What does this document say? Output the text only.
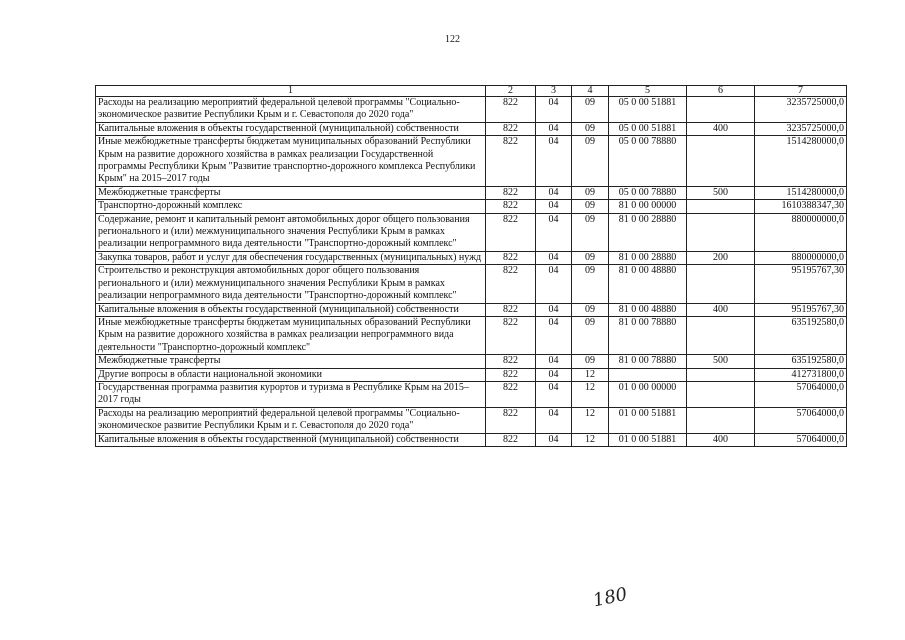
122
1	2	3	4	5	6	7
Расходы на реализацию мероприятий федеральной целевой программы "Социально-экономическое развитие Республики Крым и г. Севастополя до 2020 года"	822	04	09	05 0 00 51881		3235725000,0
Капитальные вложения в объекты государственной (муниципальной) собственности	822	04	09	05 0 00 51881	400	3235725000,0
Иные межбюджетные трансферты бюджетам муниципальных образований Республики Крым на развитие дорожного хозяйства в рамках реализации Государственной программы Республики Крым "Развитие транспортно-дорожного комплекса Республики Крым" на 2015–2017 годы	822	04	09	05 0 00 78880		1514280000,0
Межбюджетные трансферты	822	04	09	05 0 00 78880	500	1514280000,0
Транспортно-дорожный комплекс	822	04	09	81 0 00 00000		1610388347,30
Содержание, ремонт и капитальный ремонт автомобильных дорог общего пользования регионального и (или) межмуниципального значения Республики Крым в рамках реализации непрограммного вида деятельности "Транспортно-дорожный комплекс"	822	04	09	81 0 00 28880		880000000,0
Закупка товаров, работ и услуг для обеспечения государственных (муниципальных) нужд	822	04	09	81 0 00 28880	200	880000000,0
Строительство и реконструкция автомобильных дорог общего пользования регионального и (или) межмуниципального значения Республики Крым в рамках реализации непрограммного вида деятельности "Транспортно-дорожный комплекс"	822	04	09	81 0 00 48880		95195767,30
Капитальные вложения в объекты государственной (муниципальной) собственности	822	04	09	81 0 00 48880	400	95195767,30
Иные межбюджетные трансферты бюджетам муниципальных образований Республики Крым на развитие дорожного хозяйства в рамках реализации непрограммного вида деятельности "Транспортно-дорожный комплекс"	822	04	09	81 0 00 78880		635192580,0
Межбюджетные трансферты	822	04	09	81 0 00 78880	500	635192580,0
Другие вопросы в области национальной экономики	822	04	12			412731800,0
Государственная программа развития курортов и туризма в Республике Крым на 2015–2017 годы	822	04	12	01 0 00 00000		57064000,0
Расходы на реализацию мероприятий федеральной целевой программы "Социально-экономическое развитие Республики Крым и г. Севастополя до 2020 года"	822	04	12	01 0 00 51881		57064000,0
Капитальные вложения в объекты государственной (муниципальной) собственности	822	04	12	01 0 00 51881	400	57064000,0
180
